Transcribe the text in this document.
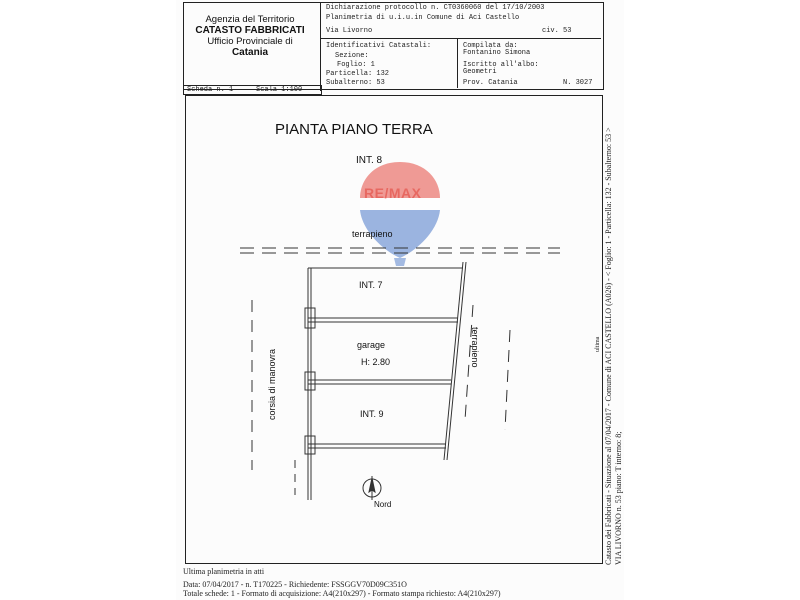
Agenzia del Territorio
CATASTO FABBRICATI
Ufficio Provinciale di
Catania
Dichiarazione protocollo n. CT0360060 del 17/10/2003
Planimetria di u.i.u.in Comune di Aci Castello
Via Livorno	civ. 53
Identificativi Catastali:
Sezione:
Foglio: 1
Particella: 132
Subalterno: 53
Compilata da:
Fontanino Simona
Iscritto all'albo:
Geometri
Prov. Catania	N. 3027
Scheda n. 1	Scala 1:100
RE/MAX
PIANTA PIANO TERRA
INT. 8
terrapieno
INT. 7
garage
H: 2.80
INT. 9
Nord
corsia di manovra
terrapieno	Catasto dei Fabbricati - Situazione al 07/04/2017 - Comune di ACI CASTELLO (A026) - < Foglio: 1 - Particella: 132 - Subalterno: 53 > VIA LIVORNO n. 53 piano: T interno: 8;
ultima
Ultima planimetria in atti
Data: 07/04/2017 - n. T170225 - Richiedente: FSSGGV70D09C351O
Totale schede: 1 - Formato di acquisizione: A4(210x297) - Formato stampa richiesto: A4(210x297)
